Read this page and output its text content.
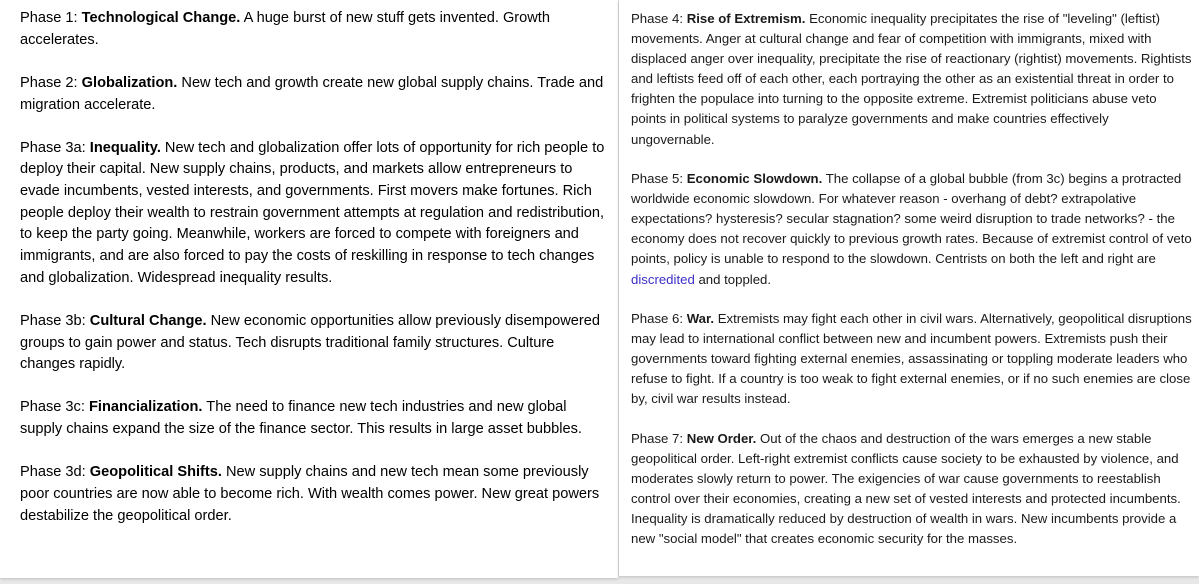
Phase 1: Technological Change. A huge burst of new stuff gets invented. Growth accelerates.

Phase 2: Globalization. New tech and growth create new global supply chains. Trade and migration accelerate.

Phase 3a: Inequality. New tech and globalization offer lots of opportunity for rich people to deploy their capital. New supply chains, products, and markets allow entrepreneurs to evade incumbents, vested interests, and governments. First movers make fortunes. Rich people deploy their wealth to restrain government attempts at regulation and redistribution, to keep the party going. Meanwhile, workers are forced to compete with foreigners and immigrants, and are also forced to pay the costs of reskilling in response to tech changes and globalization. Widespread inequality results.

Phase 3b: Cultural Change. New economic opportunities allow previously disempowered groups to gain power and status. Tech disrupts traditional family structures. Culture changes rapidly.

Phase 3c: Financialization. The need to finance new tech industries and new global supply chains expand the size of the finance sector. This results in large asset bubbles.

Phase 3d: Geopolitical Shifts. New supply chains and new tech mean some previously poor countries are now able to become rich. With wealth comes power. New great powers destabilize the geopolitical order.

Phase 4: Rise of Extremism. Economic inequality precipitates the rise of "leveling" (leftist) movements. Anger at cultural change and fear of competition with immigrants, mixed with displaced anger over inequality, precipitate the rise of reactionary (rightist) movements. Rightists and leftists feed off of each other, each portraying the other as an existential threat in order to frighten the populace into turning to the opposite extreme. Extremist politicians abuse veto points in political systems to paralyze governments and make countries effectively ungovernable.

Phase 5: Economic Slowdown. The collapse of a global bubble (from 3c) begins a protracted worldwide economic slowdown. For whatever reason - overhang of debt? extrapolative expectations? hysteresis? secular stagnation? some weird disruption to trade networks? - the economy does not recover quickly to previous growth rates. Because of extremist control of veto points, policy is unable to respond to the slowdown. Centrists on both the left and right are discredited and toppled.

Phase 6: War. Extremists may fight each other in civil wars. Alternatively, geopolitical disruptions may lead to international conflict between new and incumbent powers. Extremists push their governments toward fighting external enemies, assassinating or toppling moderate leaders who refuse to fight. If a country is too weak to fight external enemies, or if no such enemies are close by, civil war results instead.

Phase 7: New Order. Out of the chaos and destruction of the wars emerges a new stable geopolitical order. Left-right extremist conflicts cause society to be exhausted by violence, and moderates slowly return to power. The exigencies of war cause governments to reestablish control over their economies, creating a new set of vested interests and protected incumbents. Inequality is dramatically reduced by destruction of wealth in wars. New incumbents provide a new "social model" that creates economic security for the masses.
